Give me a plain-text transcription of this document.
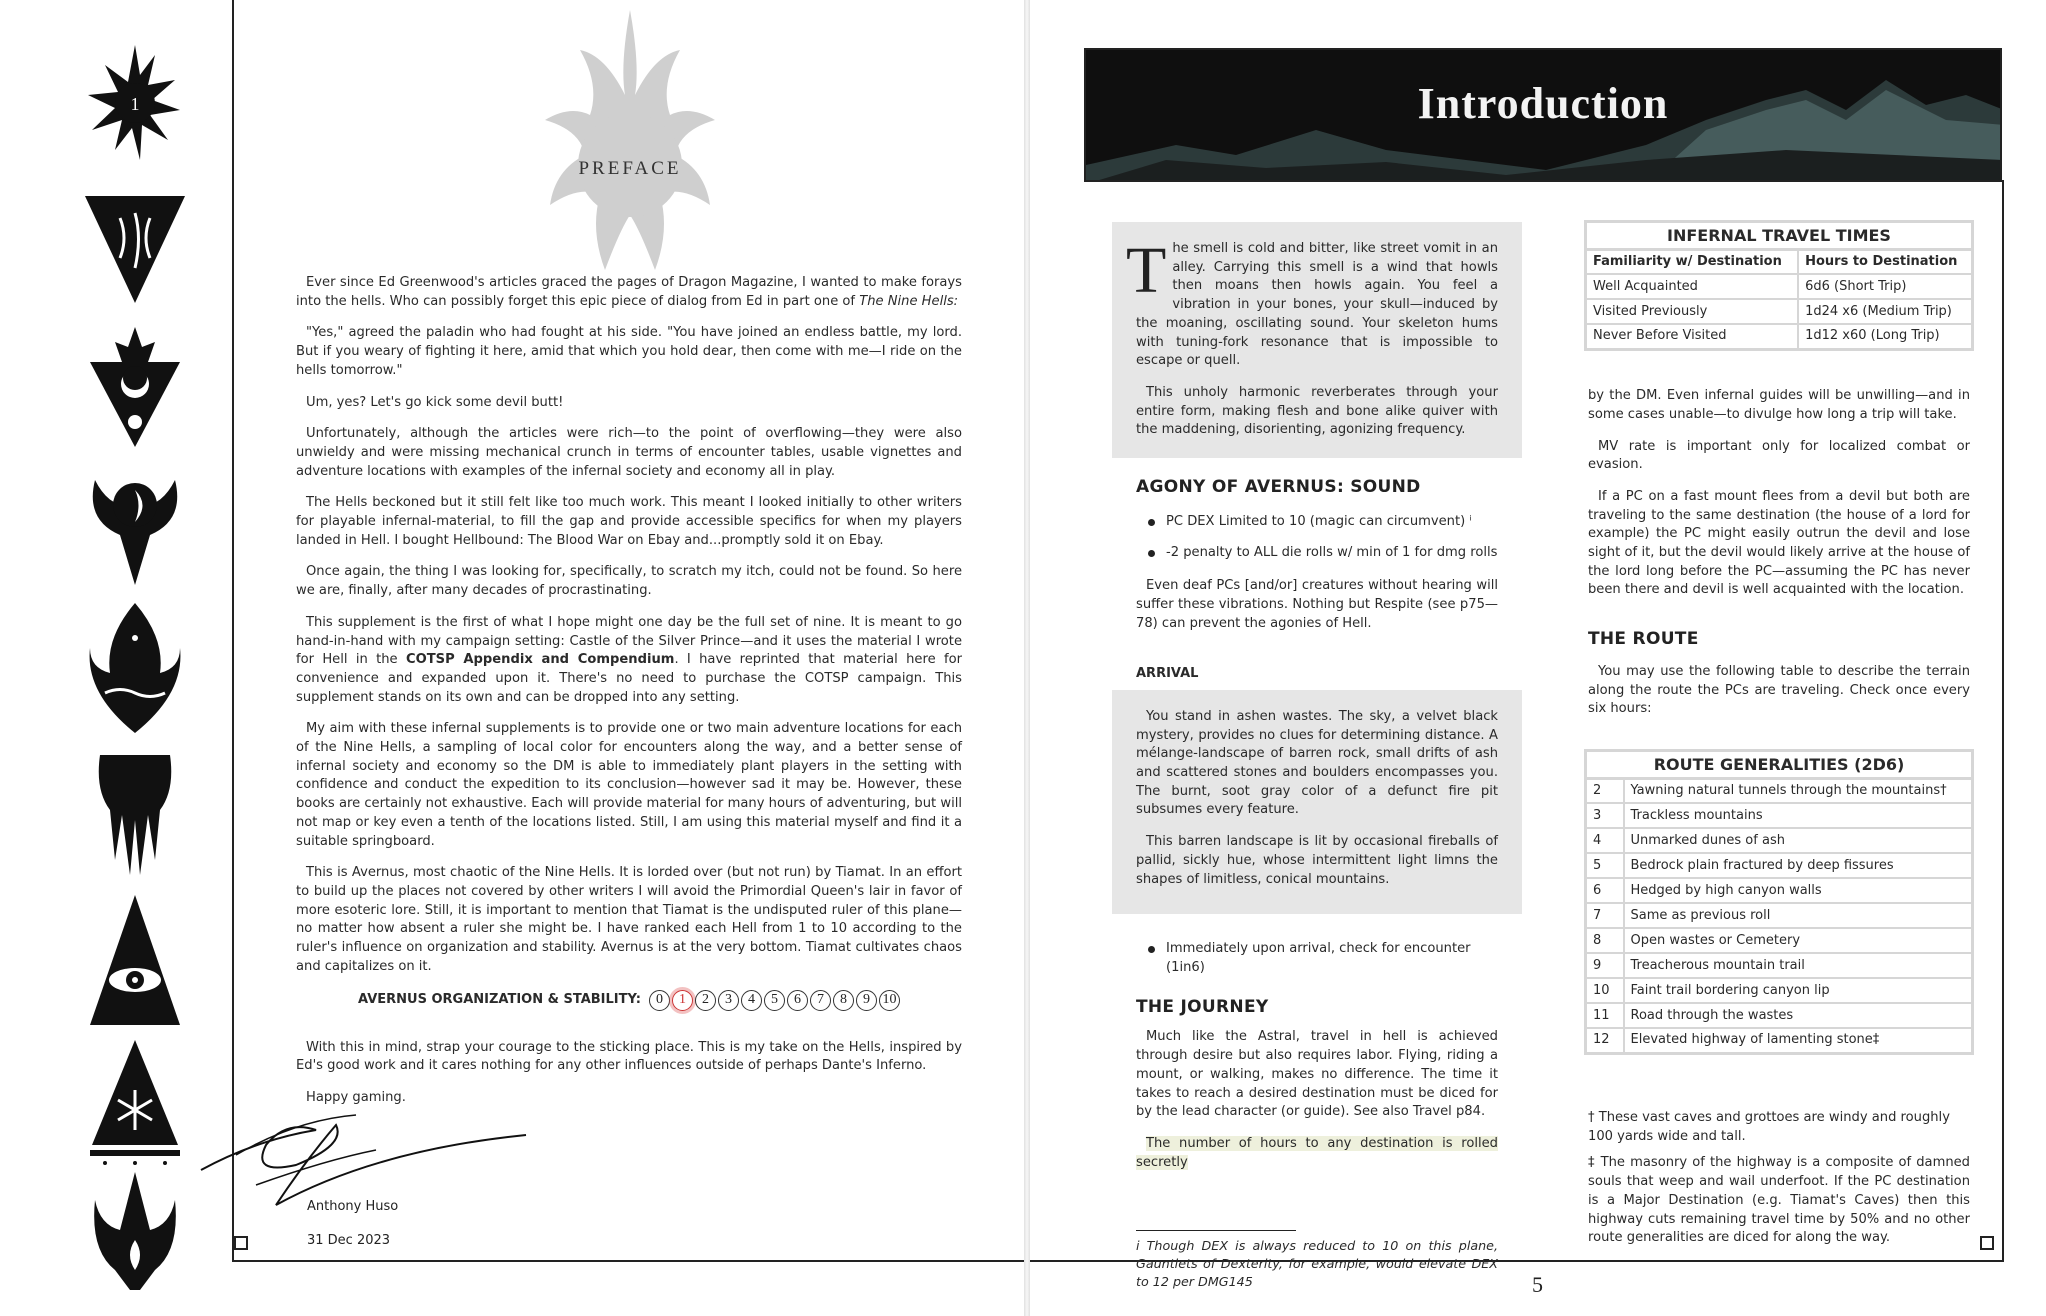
1
PREFACE

Ever since Ed Greenwood's articles graced the pages of Dragon Magazine, I wanted to make forays into the hells. Who can possibly forget this epic piece of dialog from Ed in part one of The Nine Hells:

"Yes," agreed the paladin who had fought at his side. "You have joined an endless battle, my lord. But if you weary of fighting it here, amid that which you hold dear, then come with me—I ride on the hells tomorrow."

Um, yes? Let's go kick some devil butt!

Unfortunately, although the articles were rich—to the point of overflowing—they were also unwieldy and were missing mechanical crunch in terms of encounter tables, usable vignettes and adventure locations with examples of the infernal society and economy all in play.

The Hells beckoned but it still felt like too much work. This meant I looked initially to other writers for playable infernal-material, to fill the gap and provide accessible specifics for when my players landed in Hell. I bought Hellbound: The Blood War on Ebay and...promptly sold it on Ebay.

Once again, the thing I was looking for, specifically, to scratch my itch, could not be found. So here we are, finally, after many decades of procrastinating.

This supplement is the first of what I hope might one day be the full set of nine. It is meant to go hand-in-hand with my campaign setting: Castle of the Silver Prince—and it uses the material I wrote for Hell in the COTSP Appendix and Compendium. I have reprinted that material here for convenience and expanded upon it. There's no need to purchase the COTSP campaign. This supplement stands on its own and can be dropped into any setting.

My aim with these infernal supplements is to provide one or two main adventure locations for each of the Nine Hells, a sampling of local color for encounters along the way, and a better sense of infernal society and economy so the DM is able to immediately plant players in the setting with confidence and conduct the expedition to its conclusion—however sad it may be. However, these books are certainly not exhaustive. Each will provide material for many hours of adventuring, but will not map or key even a tenth of the locations listed. Still, I am using this material myself and find it a suitable springboard.

This is Avernus, most chaotic of the Nine Hells. It is lorded over (but not run) by Tiamat. In an effort to build up the places not covered by other writers I will avoid the Primordial Queen's lair in favor of more esoteric lore. Still, it is important to mention that Tiamat is the undisputed ruler of this plane—no matter how absent a ruler she might be. I have ranked each Hell from 1 to 10 according to the ruler's influence on organization and stability. Avernus is at the very bottom. Tiamat cultivates chaos and capitalizes on it.

AVERNUS ORGANIZATION & STABILITY:	0	1	2	3	4	5	6	7	8	9 10

With this in mind, strap your courage to the sticking place. This is my take on the Hells, inspired by Ed's good work and it cares nothing for any other influences outside of perhaps Dante's Inferno.

Happy gaming.

Anthony Huso
31 Dec 2023
Introduction

The smell is cold and bitter, like street vomit in an alley. Carrying this smell is a wind that howls then moans then howls again. You feel a vibration in your bones, your skull—induced by the moaning, oscillating sound. Your skeleton hums with tuning-fork resonance that is impossible to escape or quell.

This unholy harmonic reverberates through your entire form, making flesh and bone alike quiver with the maddening, disorienting, agonizing frequency.

AGONY OF AVERNUS: SOUND
PC DEX Limited to 10 (magic can circumvent) ⁱ
-2 penalty to ALL die rolls w/ min of 1 for dmg rolls

Even deaf PCs [and/or] creatures without hearing will suffer these vibrations. Nothing but Respite (see p75—78) can prevent the agonies of Hell.

ARRIVAL

You stand in ashen wastes. The sky, a velvet black mystery, provides no clues for determining distance. A mélange-landscape of barren rock, small drifts of ash and scattered stones and boulders encompasses you. The burnt, soot gray color of a defunct fire pit subsumes every feature.

This barren landscape is lit by occasional fireballs of pallid, sickly hue, whose intermittent light limns the shapes of limitless, conical mountains.

Immediately upon arrival, check for encounter (1in6)
THE JOURNEY

Much like the Astral, travel in hell is achieved through desire but also requires labor. Flying, riding a mount, or walking, makes no difference. The time it takes to reach a desired destination must be diced for by the lead character (or guide). See also Travel p84.

The number of hours to any destination is rolled secretly

i Though DEX is always reduced to 10 on this plane, Gauntlets of Dexterity, for example, would elevate DEX to 12 per DMG145
INFERNAL TRAVEL TIMES
Familiarity w/ Destination	Hours to Destination
Well Acquainted	6d6 (Short Trip)
Visited Previously	1d24 x6 (Medium Trip)
Never Before Visited	1d12 x60 (Long Trip)

by the DM. Even infernal guides will be unwilling—and in some cases unable—to divulge how long a trip will take.

MV rate is important only for localized combat or evasion.

If a PC on a fast mount flees from a devil but both are traveling to the same destination (the house of a lord for example) the PC might easily outrun the devil and lose sight of it, but the devil would likely arrive at the house of the lord long before the PC—assuming the PC has never been there and devil is well acquainted with the location.

THE ROUTE

You may use the following table to describe the terrain along the route the PCs are traveling. Check once every six hours:

ROUTE GENERALITIES (2D6)
2	Yawning natural tunnels through the mountains†
3	Trackless mountains
4	Unmarked dunes of ash
5	Bedrock plain fractured by deep fissures
6	Hedged by high canyon walls
7	Same as previous roll
8	Open wastes or Cemetery
9	Treacherous mountain trail
10	Faint trail bordering canyon lip
11	Road through the wastes
12	Elevated highway of lamenting stone‡

† These vast caves and grottoes are windy and roughly 100 yards wide and tall.

‡ The masonry of the highway is a composite of damned souls that weep and wail underfoot. If the PC destination is a Major Destination (e.g. Tiamat's Caves) then this highway cuts remaining travel time by 50% and no other route generalities are diced for along the way.

5
